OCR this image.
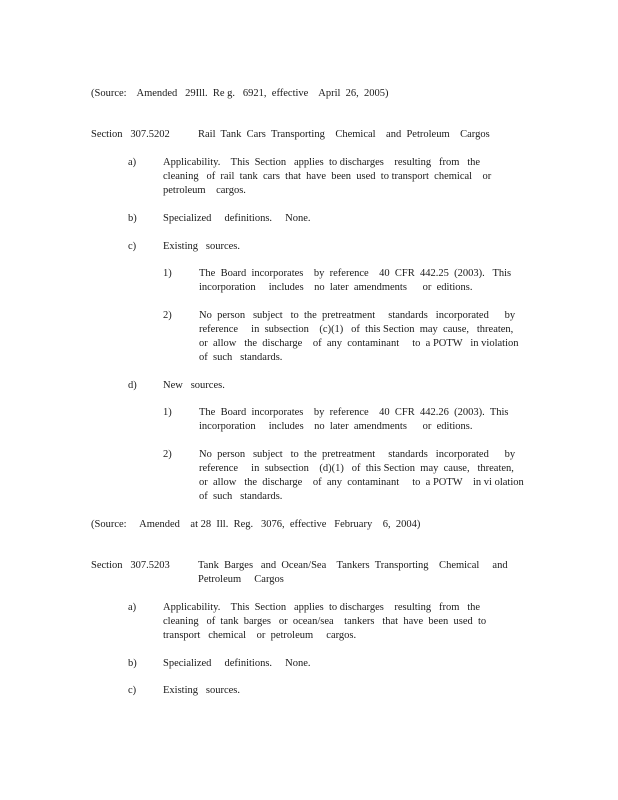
(Source:    Amended   29Ill.  Re g.   6921,  effective    April  26,  2005)
Section   307.5202	Rail  Tank  Cars  Transporting    Chemical    and  Petroleum    Cargos
a)	Applicability.    This  Section   applies  to discharges    resulting   from   the
cleaning   of  rail  tank  cars  that  have  been  used  to transport  chemical    or
petroleum    cargos.
b)	Specialized     definitions.     None.
c)	Existing   sources.
1)	The  Board  incorporates    by  reference    40  CFR  442.25  (2003).   This
incorporation     includes    no  later  amendments      or  editions.
2)	No  person   subject   to  the  pretreatment     standards   incorporated      by
reference     in  subsection    (c)(1)   of  this Section  may  cause,   threaten,
or  allow   the  discharge    of  any  contaminant     to  a POTW   in violation
of  such   standards.
d)	New   sources.
1)	The  Board  incorporates    by  reference    40  CFR  442.26  (2003).  This
incorporation     includes    no  later  amendments      or  editions.
2)	No  person   subject   to  the  pretreatment     standards   incorporated      by
reference     in  subsection    (d)(1)   of  this Section  may  cause,   threaten,
or  allow   the  discharge    of  any  contaminant     to  a POTW    in vi olation
of  such   standards.
(Source:     Amended    at 28  Ill.  Reg.   3076,  effective   February    6,  2004)
Section   307.5203	Tank  Barges   and  Ocean/Sea    Tankers  Transporting    Chemical     and
Petroleum     Cargos
a)	Applicability.    This  Section   applies  to discharges    resulting   from   the
cleaning   of  tank  barges   or  ocean/sea    tankers   that  have  been  used  to
transport   chemical    or  petroleum     cargos.
b)	Specialized     definitions.     None.
c)	Existing   sources.
